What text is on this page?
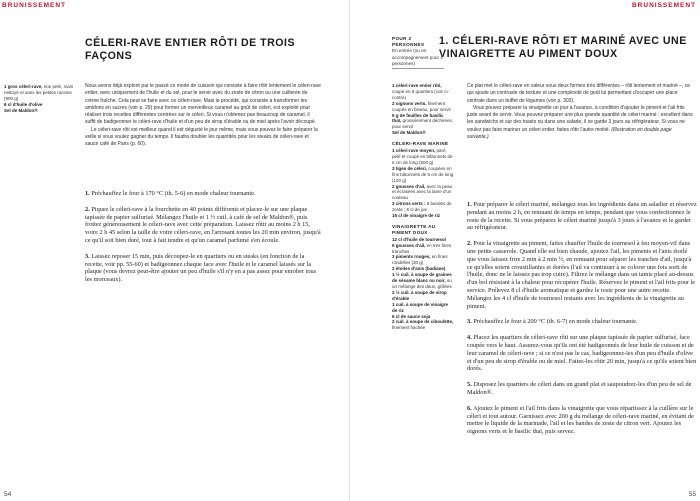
BRUNISSEMENT
CÉLERI-RAVE ENTIER RÔTI DE TROIS FAÇONS

1 gros céleri-rave, non pelé, mais nettoyé et sans les petites racines (900 g)

6 cl d'huile d'olive

Sel de Maldon®

Nous avons déjà exploré par le passé ce mode de cuisson qui consiste à faire rôtir lentement le céleri-rave entier, avec uniquement de l'huile et du sel, pour le servir avec du zeste de citron ou une cuillerée de crème fraîche. Cela peut se faire avec ce céleri-rave. Mais le procédé, qui consiste à transformer les amidons en sucres (voir p. 29) pour former un merveilleux caramel au goût de céleri, est exploité pour réaliser trois recettes différentes centrées sur le céleri. Si vous n'obtenez pas beaucoup de caramel, il suffit de badigeonner le céleri-rave d'huile et d'un peu de sirop d'érable ou de miel après l'avoir découpé.

Le céleri-rave rôti est meilleur quand il est dégusté le jour même, mais vous pouvez le faire préparer la veille si vous voulez gagner du temps. Il faudra doubler les quantités pour les steaks de céleri-rave et sauce café de Paris (p. 60).

1. Préchauffez le four à 170 °C (th. 5-6) en mode chaleur tournante.

2. Piquez le céleri-rave à la fourchette en 40 points différents et placez-le sur une plaque tapissée de papier sulfurisé. Mélangez l'huile et 1 ½ cuil. à café de sel de Maldon®, puis frottez généreusement le céleri-rave avec cette préparation. Laissez rôtir au moins 2 h 15, voire 2 h 45 selon la taille de votre céleri-rave, en l'arrosant toutes les 20 min environ, jusqu'à ce qu'il soit bien doré, tout à fait tendre et qu'un caramel parfumé s'en écoule.

3. Laissez reposer 15 min, puis découpez-le en quartiers ou en steaks (en fonction de la recette, voir pp. 55-60) et badigeonnez chaque face avec l'huile et le caramel laissés sur la plaque (vous devrez peut-être ajouter un peu d'huile s'il n'y en a pas assez pour enrober tous les morceaux).

54
BRUNISSEMENT
POUR 2 PERSONNES
En entrée (ou en accompagnement pour 4 personnes)
1. CÉLERI-RAVE RÔTI ET MARINÉ AVEC UNE VINAIGRETTE AU PIMENT DOUX

1 céleri-rave entier rôti, coupé en 8 quartiers (voir ci-contre)

2 oignons verts, finement coupés en biseau, pour servir

5 g de feuilles de basilic thaï, grossièrement déchirées, pour servir

Sel de Maldon®

CÉLERI-RAVE MARINÉ

1 céleri-rave moyen, paré, pelé et coupé en bâtonnets de 6 cm de long (500 g)

3 tiges de céleri, coupées en fins bâtonnets de 6 cm de long (120 g)

2 gousses d'ail, avec la peau et écrasées avec la lame d'un couteau

3 citrons verts : 6 bandes de zeste ; 6 cl de jus

15 cl de vinaigre de riz

VINAIGRETTE AU PIMENT DOUX

12 cl d'huile de tournesol

5 gousses d'ail, en très fines tranches

3 piments rouges, en fines rondelles (30 g)

2 étoiles d'anis (badiane)

1 ½ cuil. à soupe de graines de sésame blanc ou noir, ou un mélange des deux, grillées

2 ½ cuil. à soupe de sirop d'érable

1 cuil. à soupe de vinaigre de riz

6 cl de sauce soja

2 cuil. à soupe de ciboulette, finement hachée

Ce plat met le céleri-rave en valeur sous deux formes très différentes – rôti lentement et mariné –, ce qui ajoute un contraste de texture et une complexité de goût lui permettant d'occuper une place centrale dans un buffet de légumes (voir p. 303).

Vous pouvez préparer la vinaigrette un jour à l'avance, à condition d'ajouter le piment et l'ail frits juste avant de servir. Vous pouvez préparer une plus grande quantité de céleri mariné : excellent dans les sandwichs et sur des toasts ou dans une salade, il se garde 3 jours au réfrigérateur. Si vous ne voulez pas faire mariner un céleri entier, faites rôtir l'autre moitié. (Illustration en double page suivante.)

1. Pour préparer le céleri mariné, mélangez tous les ingrédients dans un saladier et réservez pendant au moins 2 h, en remuant de temps en temps, pendant que vous confectionnez le reste de la recette. Si vous préparez le céleri mariné jusqu'à 3 jours à l'avance et le garder au réfrigérateur.

2. Pour la vinaigrette au piment, faites chauffer l'huile de tournesol à feu moyen-vif dans une petite casserole. Quand elle est bien chaude, ajoutez l'ail, les piments et l'anis étoilé que vous laissez frire 2 min à 2 min ½, en remuant pour séparer les tranches d'ail, jusqu'à ce qu'elles soient croustillantes et dorées (l'ail va continuer à se colorer une fois sorti de l'huile, donc ne le laissez pas trop cuire). Filtrez le mélange dans un tamis placé au-dessus d'un bol résistant à la chaleur pour récupérer l'huile. Réservez le piment et l'ail frits pour le service. Prélevez 8 cl d'huile aromatique et gardez le reste pour une autre recette. Mélangez les 4 cl d'huile de tournesol restants avec les ingrédients de la vinaigrette au piment.

3. Préchauffez le four à 200 °C (th. 6-7) en mode chaleur tournante.

4. Placez les quartiers de céleri-rave rôti sur une plaque tapissée de papier sulfurisé, face coupée vers le haut. Assurez-vous qu'ils ont été badigeonnés de leur huile de cuisson et de leur caramel de céleri-rave ; si ce n'est pas le cas, badigeonnez-les d'un peu d'huile d'olive et d'un peu de sirop d'érable ou de miel. Faites-les rôtir 20 min, jusqu'à ce qu'ils soient bien dorés.

5. Disposez les quartiers de céleri dans un grand plat et saupoudrez-les d'un peu de sel de Maldon®.

6. Ajoutez le piment et l'ail frits dans la vinaigrette que vous répartissez à la cuillère sur le céleri et tout autour. Garnissez avec 200 g du mélange de céleri-rave mariné, en évitant de mettre le liquide de la marinade, l'ail et les bandes de zeste de citron vert. Ajoutez les oignons verts et le basilic thaï, puis servez.

55
